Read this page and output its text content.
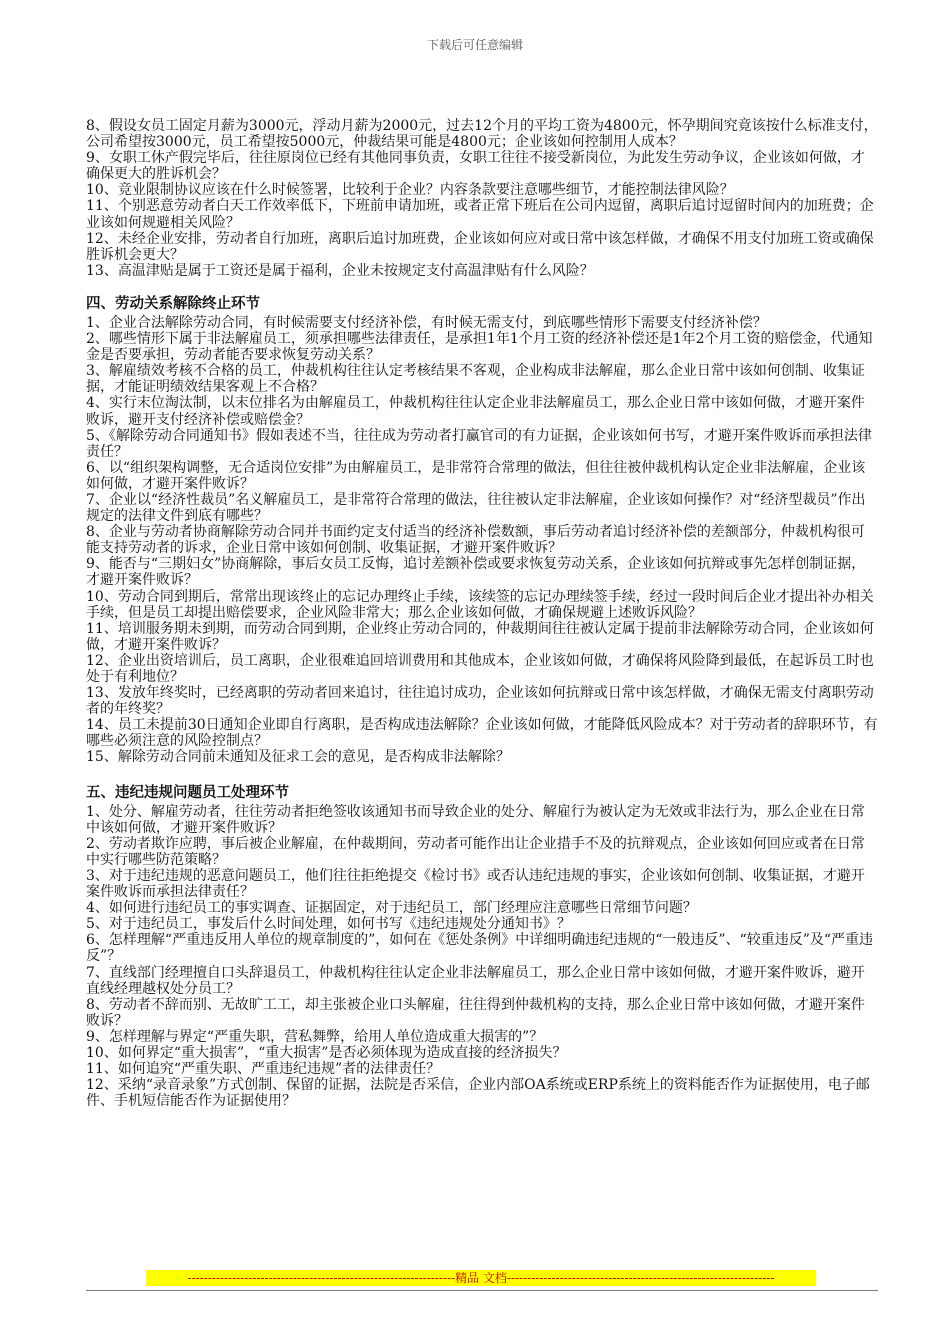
下载后可任意编辑

8、假设女员工固定月薪为3000元，浮动月薪为2000元，过去12个月的平均工资为4800元，怀孕期间究竟该按什么标准支付，公司希望按3000元，员工希望按5000元，仲裁结果可能是4800元；企业该如何控制用人成本？

9、女职工休产假完毕后，往往原岗位已经有其他同事负责，女职工往往不接受新岗位，为此发生劳动争议，企业该如何做，才确保更大的胜诉机会？

10、竞业限制协议应该在什么时候签署，比较利于企业？内容条款要注意哪些细节，才能控制法律风险？

11、个别恶意劳动者白天工作效率低下，下班前申请加班，或者正常下班后在公司内逗留，离职后追讨逗留时间内的加班费；企业该如何规避相关风险？

12、未经企业安排，劳动者自行加班，离职后追讨加班费，企业该如何应对或日常中该怎样做，才确保不用支付加班工资或确保胜诉机会更大？

13、高温津贴是属于工资还是属于福利，企业未按规定支付高温津贴有什么风险？

四、劳动关系解除终止环节

1、企业合法解除劳动合同，有时候需要支付经济补偿，有时候无需支付，到底哪些情形下需要支付经济补偿？

2、哪些情形下属于非法解雇员工，须承担哪些法律责任，是承担1年1个月工资的经济补偿还是1年2个月工资的赔偿金，代通知金是否要承担，劳动者能否要求恢复劳动关系？

3、解雇绩效考核不合格的员工，仲裁机构往往认定考核结果不客观，企业构成非法解雇，那么企业日常中该如何创制、收集证据，才能证明绩效结果客观上不合格？

4、实行末位淘汰制，以末位排名为由解雇员工，仲裁机构往往认定企业非法解雇员工，那么企业日常中该如何做，才避开案件败诉，避开支付经济补偿或赔偿金？

5、《解除劳动合同通知书》假如表述不当，往往成为劳动者打赢官司的有力证据，企业该如何书写，才避开案件败诉而承担法律责任？

6、以“组织架构调整，无合适岗位安排”为由解雇员工，是非常符合常理的做法，但往往被仲裁机构认定企业非法解雇，企业该如何做，才避开案件败诉？

7、企业以“经济性裁员”名义解雇员工，是非常符合常理的做法，往往被认定非法解雇，企业该如何操作？对“经济型裁员”作出规定的法律文件到底有哪些？

8、企业与劳动者协商解除劳动合同并书面约定支付适当的经济补偿数额，事后劳动者追讨经济补偿的差额部分，仲裁机构很可能支持劳动者的诉求，企业日常中该如何创制、收集证据，才避开案件败诉？

9、能否与“三期妇女”协商解除，事后女员工反悔，追讨差额补偿或要求恢复劳动关系，企业该如何抗辩或事先怎样创制证据，才避开案件败诉？

10、劳动合同到期后，常常出现该终止的忘记办理终止手续，该续签的忘记办理续签手续，经过一段时间后企业才提出补办相关手续，但是员工却提出赔偿要求，企业风险非常大；那么企业该如何做，才确保规避上述败诉风险？

11、培训服务期未到期，而劳动合同到期，企业终止劳动合同的，仲裁期间往往被认定属于提前非法解除劳动合同，企业该如何做，才避开案件败诉？

12、企业出资培训后，员工离职，企业很难追回培训费用和其他成本，企业该如何做，才确保将风险降到最低，在起诉员工时也处于有利地位？

13、发放年终奖时，已经离职的劳动者回来追讨，往往追讨成功，企业该如何抗辩或日常中该怎样做，才确保无需支付离职劳动者的年终奖？

14、员工未提前30日通知企业即自行离职，是否构成违法解除？企业该如何做，才能降低风险成本？对于劳动者的辞职环节，有哪些必须注意的风险控制点？

15、解除劳动合同前未通知及征求工会的意见，是否构成非法解除？

五、违纪违规问题员工处理环节

1、处分、解雇劳动者，往往劳动者拒绝签收该通知书而导致企业的处分、解雇行为被认定为无效或非法行为，那么企业在日常中该如何做，才避开案件败诉？

2、劳动者欺诈应聘，事后被企业解雇，在仲裁期间，劳动者可能作出让企业措手不及的抗辩观点，企业该如何回应或者在日常中实行哪些防范策略？

3、对于违纪违规的恶意问题员工，他们往往拒绝提交《检讨书》或否认违纪违规的事实，企业该如何创制、收集证据，才避开案件败诉而承担法律责任？

4、如何进行违纪员工的事实调查、证据固定，对于违纪员工，部门经理应注意哪些日常细节问题？

5、对于违纪员工，事发后什么时间处理，如何书写《违纪违规处分通知书》？

6、怎样理解“严重违反用人单位的规章制度的”，如何在《惩处条例》中详细明确违纪违规的“一般违反”、“较重违反”及“严重违反”？

7、直线部门经理擅自口头辞退员工，仲裁机构往往认定企业非法解雇员工，那么企业日常中该如何做，才避开案件败诉，避开直线经理越权处分员工？

8、劳动者不辞而别、无故旷工工，却主张被企业口头解雇，往往得到仲裁机构的支持，那么企业日常中该如何做，才避开案件败诉？

9、怎样理解与界定“严重失职，营私舞弊，给用人单位造成重大损害的”？

10、如何界定“重大损害”，“重大损害”是否必须体现为造成直接的经济损失？

11、如何追究“严重失职、严重违纪违规”者的法律责任？

12、采纳“录音录象”方式创制、保留的证据，法院是否采信，企业内部OA系统或ERP系统上的资料能否作为证据使用，电子邮件、手机短信能否作为证据使用？

------------------------------------------------------------------精品 文档------------------------------------------------------------------
